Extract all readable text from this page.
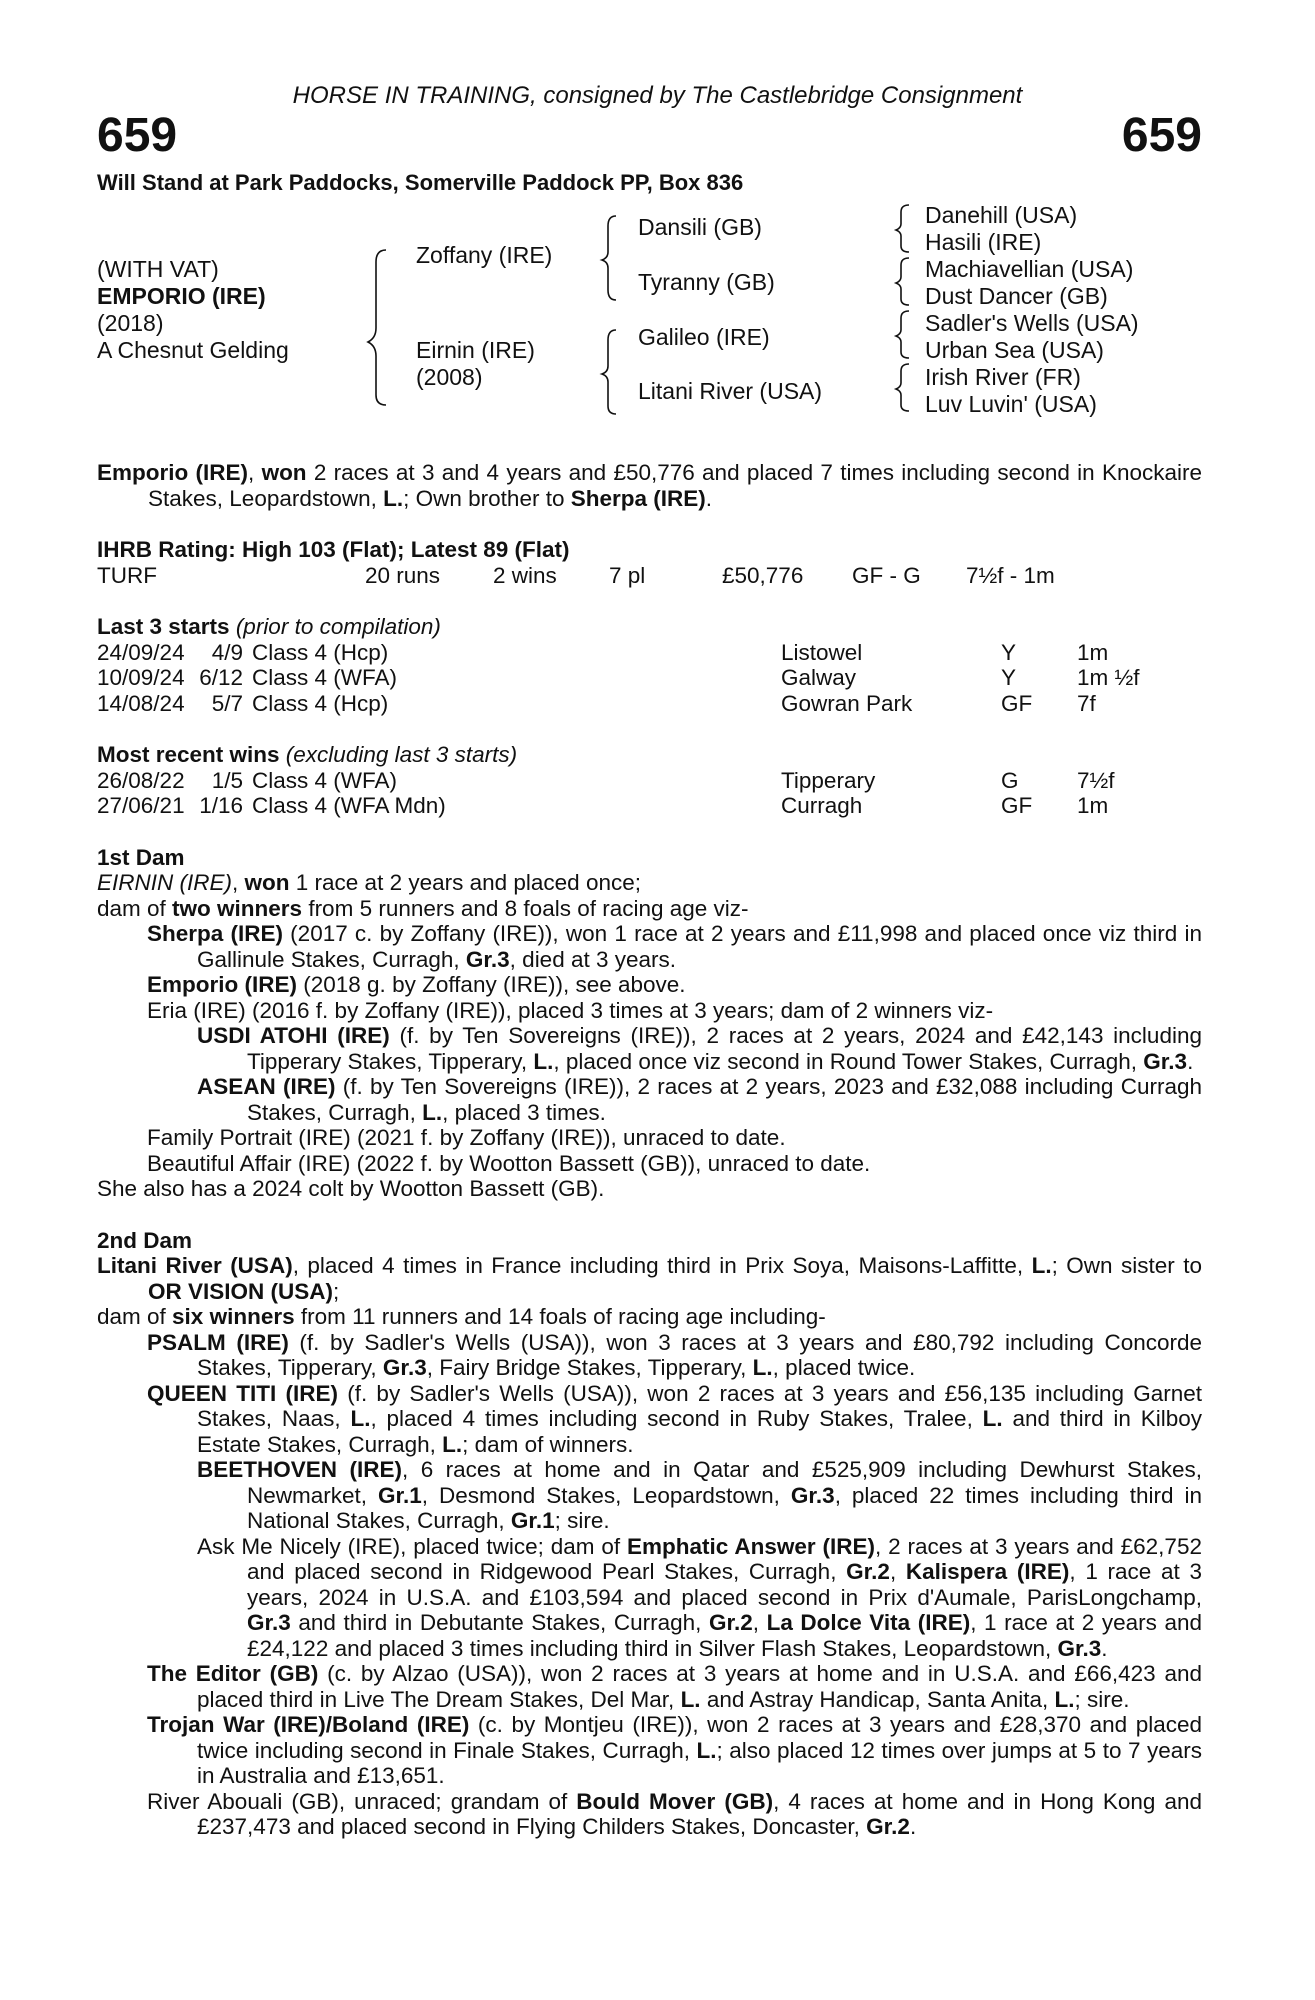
HORSE IN TRAINING, consigned by The Castlebridge Consignment
659	659
Will Stand at Park Paddocks, Somerville Paddock PP, Box 836
(WITH VAT)
EMPORIO (IRE)
(2018)
A Chesnut Gelding
Zoffany (IRE)
Eirnin (IRE)
(2008)
Dansili (GB)
Tyranny (GB)
Galileo (IRE)
Litani River (USA)
Danehill (USA)
Hasili (IRE)
Machiavellian (USA)
Dust Dancer (GB)
Sadler's Wells (USA)
Urban Sea (USA)
Irish River (FR)
Luv Luvin' (USA)

Emporio (IRE), won 2 races at 3 and 4 years and £50,776 and placed 7 times including second in Knockaire Stakes, Leopardstown, L.; Own brother to Sherpa (IRE).

IHRB Rating: High 103 (Flat); Latest 89 (Flat)

TURF	20 runs	2 wins	7 pl	£50,776	GF - G	7½f - 1m

Last 3 starts (prior to compilation)

24/09/24	4/9 Class 4 (Hcp)	Listowel	Y	1m
10/09/24 6/12 Class 4 (WFA)	Galway	Y	1m ½f
14/08/24	5/7 Class 4 (Hcp)	Gowran Park	GF	7f

Most recent wins (excluding last 3 starts)

26/08/22	1/5 Class 4 (WFA)	Tipperary	G	7½f
27/06/21 1/16 Class 4 (WFA Mdn)	Curragh	GF	1m

1st Dam

EIRNIN (IRE), won 1 race at 2 years and placed once;

dam of two winners from 5 runners and 8 foals of racing age viz-

Sherpa (IRE) (2017 c. by Zoffany (IRE)), won 1 race at 2 years and £11,998 and placed once viz third in Gallinule Stakes, Curragh, Gr.3, died at 3 years.

Emporio (IRE) (2018 g. by Zoffany (IRE)), see above.

Eria (IRE) (2016 f. by Zoffany (IRE)), placed 3 times at 3 years; dam of 2 winners viz-

USDI ATOHI (IRE) (f. by Ten Sovereigns (IRE)), 2 races at 2 years, 2024 and £42,143 including Tipperary Stakes, Tipperary, L., placed once viz second in Round Tower Stakes, Curragh, Gr.3.

ASEAN (IRE) (f. by Ten Sovereigns (IRE)), 2 races at 2 years, 2023 and £32,088 including Curragh Stakes, Curragh, L., placed 3 times.

Family Portrait (IRE) (2021 f. by Zoffany (IRE)), unraced to date.

Beautiful Affair (IRE) (2022 f. by Wootton Bassett (GB)), unraced to date.

She also has a 2024 colt by Wootton Bassett (GB).

2nd Dam

Litani River (USA), placed 4 times in France including third in Prix Soya, Maisons-Laffitte, L.; Own sister to OR VISION (USA);

dam of six winners from 11 runners and 14 foals of racing age including-

PSALM (IRE) (f. by Sadler's Wells (USA)), won 3 races at 3 years and £80,792 including Concorde Stakes, Tipperary, Gr.3, Fairy Bridge Stakes, Tipperary, L., placed twice.

QUEEN TITI (IRE) (f. by Sadler's Wells (USA)), won 2 races at 3 years and £56,135 including Garnet Stakes, Naas, L., placed 4 times including second in Ruby Stakes, Tralee, L. and third in Kilboy Estate Stakes, Curragh, L.; dam of winners.

BEETHOVEN (IRE), 6 races at home and in Qatar and £525,909 including Dewhurst Stakes, Newmarket, Gr.1, Desmond Stakes, Leopardstown, Gr.3, placed 22 times including third in National Stakes, Curragh, Gr.1; sire.

Ask Me Nicely (IRE), placed twice; dam of Emphatic Answer (IRE), 2 races at 3 years and £62,752 and placed second in Ridgewood Pearl Stakes, Curragh, Gr.2, Kalispera (IRE), 1 race at 3 years, 2024 in U.S.A. and £103,594 and placed second in Prix d'Aumale, ParisLongchamp, Gr.3 and third in Debutante Stakes, Curragh, Gr.2, La Dolce Vita (IRE), 1 race at 2 years and £24,122 and placed 3 times including third in Silver Flash Stakes, Leopardstown, Gr.3.

The Editor (GB) (c. by Alzao (USA)), won 2 races at 3 years at home and in U.S.A. and £66,423 and placed third in Live The Dream Stakes, Del Mar, L. and Astray Handicap, Santa Anita, L.; sire.

Trojan War (IRE)/Boland (IRE) (c. by Montjeu (IRE)), won 2 races at 3 years and £28,370 and placed twice including second in Finale Stakes, Curragh, L.; also placed 12 times over jumps at 5 to 7 years in Australia and £13,651.

River Abouali (GB), unraced; grandam of Bould Mover (GB), 4 races at home and in Hong Kong and £237,473 and placed second in Flying Childers Stakes, Doncaster, Gr.2.
